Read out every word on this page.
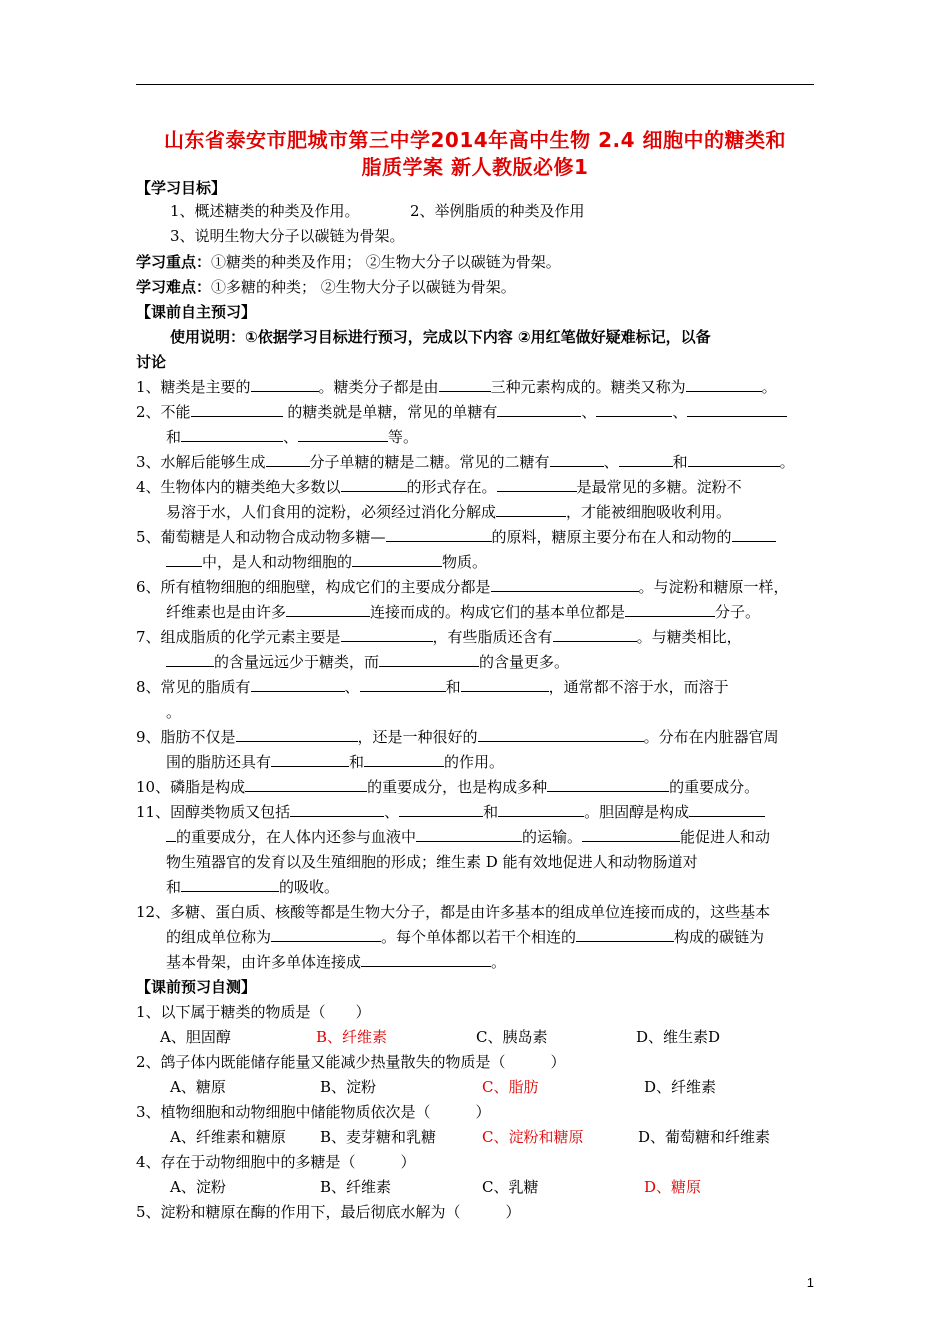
山东省泰安市肥城市第三中学2014年高中生物 2.4 细胞中的糖类和
脂质学案 新人教版必修1
【学习目标】
1、概述糖类的种类及作用。	2、举例脂质的种类及作用
3、说明生物大分子以碳链为骨架。
学习重点：①糖类的种类及作用； ②生物大分子以碳链为骨架。
学习难点：①多糖的种类； ②生物大分子以碳链为骨架。
【课前自主预习】
使用说明：①依据学习目标进行预习，完成以下内容 ②用红笔做好疑难标记，以备
讨论
1、糖类是主要的	。糖类分子都是由	三种元素构成的。糖类又称为	。
2、不能	的糖类就是单糖，常见的单糖有	、	、
和	、	等。
3、水解后能够生成	分子单糖的糖是二糖。常见的二糖有	、	和	。
4、生物体内的糖类绝大多数以	的形式存在。	是最常见的多糖。淀粉不
易溶于水，人们食用的淀粉，必须经过消化分解成	，才能被细胞吸收利用。
5、葡萄糖是人和动物合成动物多糖—	的原料，糖原主要分布在人和动物的
中，是人和动物细胞的	物质。
6、所有植物细胞的细胞壁，构成它们的主要成分都是	。与淀粉和糖原一样，
纤维素也是由许多	连接而成的。构成它们的基本单位都是	分子。
7、组成脂质的化学元素主要是	，有些脂质还含有	。与糖类相比，
的含量远远少于糖类，而	的含量更多。
8、常见的脂质有	、	和	，通常都不溶于水，而溶于
。
9、脂肪不仅是	，还是一种很好的	。分布在内脏器官周
围的脂肪还具有	和	的作用。
10、磷脂是构成	的重要成分，也是构成多种	的重要成分。
11、固醇类物质又包括	、	和	。胆固醇是构成
的重要成分，在人体内还参与血液中	的运输。	能促进人和动
物生殖器官的发育以及生殖细胞的形成；维生素 D 能有效地促进人和动物肠道对
和	的吸收。
12、多糖、蛋白质、核酸等都是生物大分子，都是由许多基本的组成单位连接而成的，这些基本
的组成单位称为	。每个单体都以若干个相连的	构成的碳链为
基本骨架，由许多单体连接成	。
【课前预习自测】
1、以下属于糖类的物质是（　　）
A、胆固醇	B、纤维素	C、胰岛素	D、维生素D
2、鸽子体内既能储存能量又能减少热量散失的物质是（　　　）
A、糖原	B、淀粉	C、脂肪	D、纤维素
3、植物细胞和动物细胞中储能物质依次是（　　　）
A、纤维素和糖原 B、麦芽糖和乳糖	C、淀粉和糖原	D、葡萄糖和纤维素
4、存在于动物细胞中的多糖是（　　　）
A、淀粉	B、纤维素	C、乳糖	D、糖原
5、淀粉和糖原在酶的作用下，最后彻底水解为（　　　）
1
